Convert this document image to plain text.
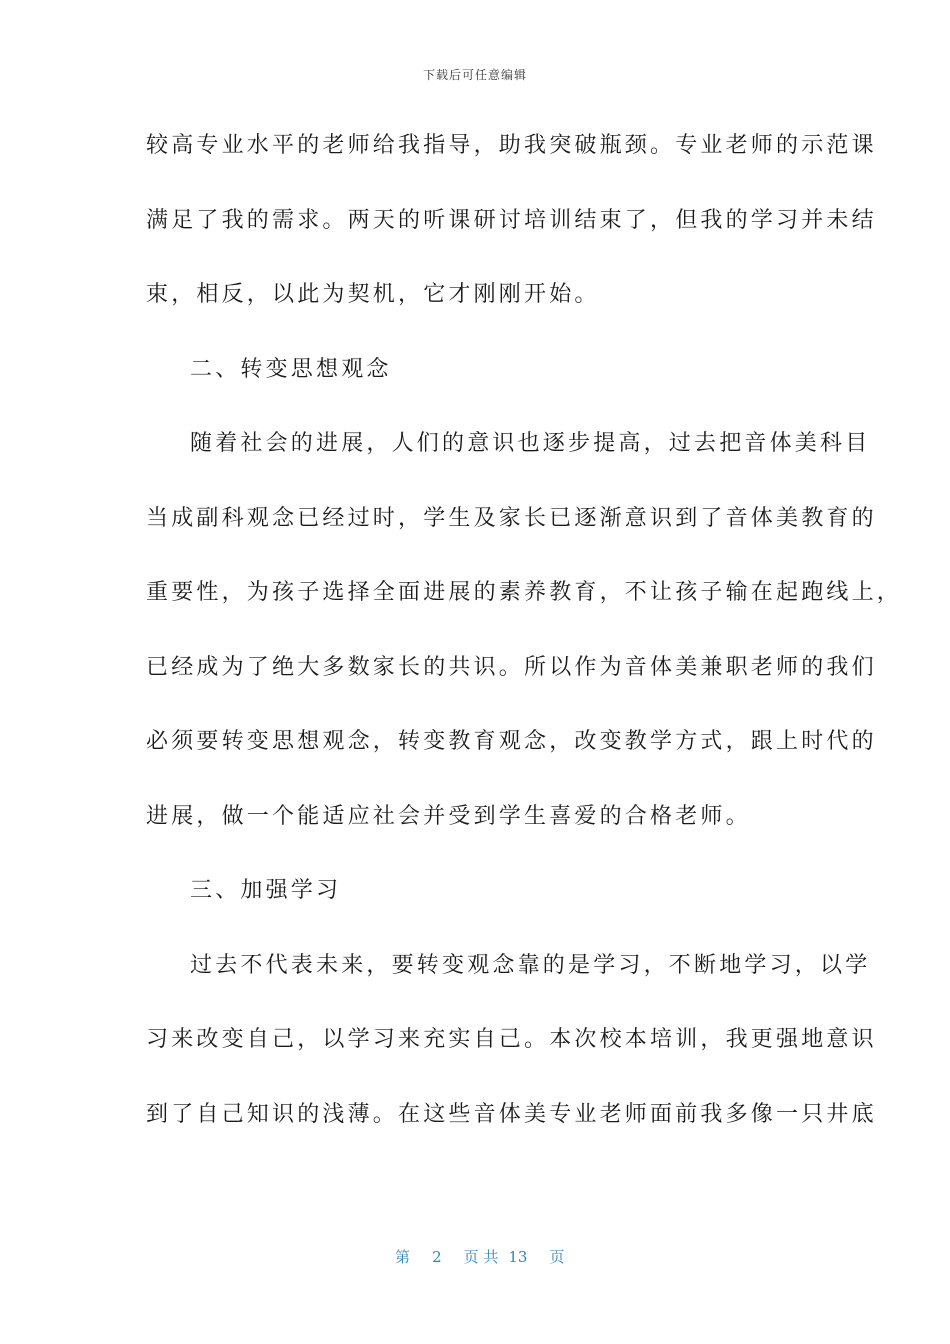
下载后可任意编辑
较高专业水平的老师给我指导，助我突破瓶颈。专业老师的示范课
满足了我的需求。两天的听课研讨培训结束了，但我的学习并未结
束，相反，以此为契机，它才刚刚开始。
二、转变思想观念
随着社会的进展，人们的意识也逐步提高，过去把音体美科目
当成副科观念已经过时，学生及家长已逐渐意识到了音体美教育的
重要性，为孩子选择全面进展的素养教育，不让孩子输在起跑线上，
已经成为了绝大多数家长的共识。所以作为音体美兼职老师的我们
必须要转变思想观念，转变教育观念，改变教学方式，跟上时代的
进展，做一个能适应社会并受到学生喜爱的合格老师。
三、加强学习
过去不代表未来，要转变观念靠的是学习，不断地学习，以学
习来改变自己，以学习来充实自己。本次校本培训，我更强地意识
到了自己知识的浅薄。在这些音体美专业老师面前我多像一只井底

第 2 页 共 13 页
